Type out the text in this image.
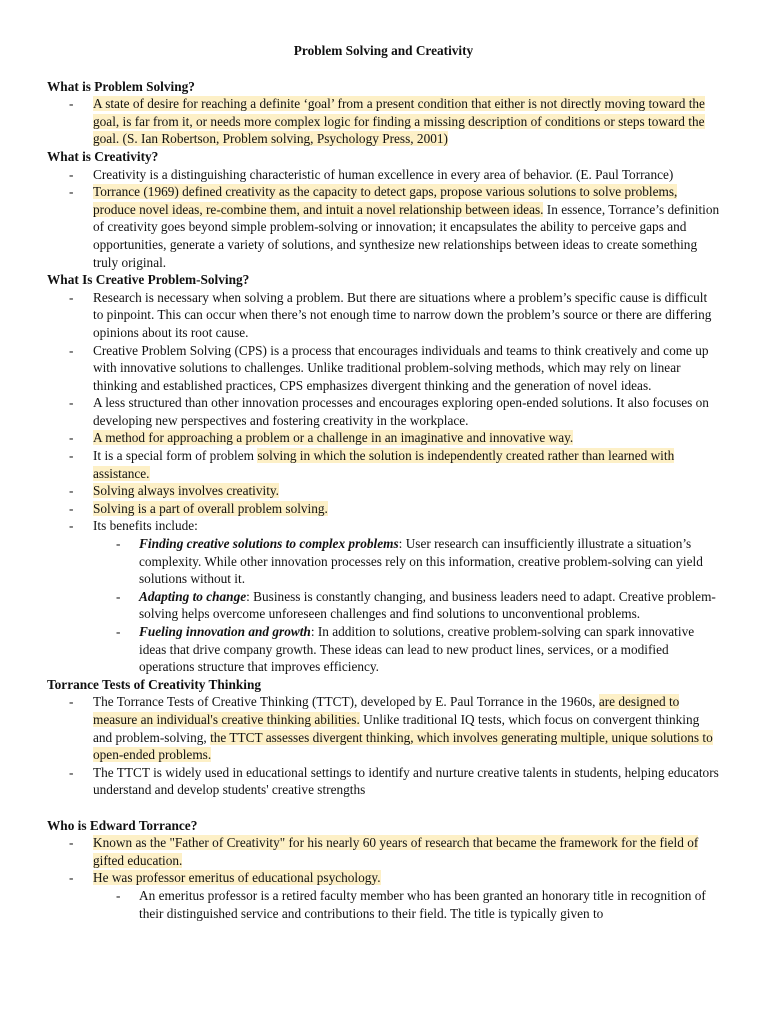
Problem Solving and Creativity
What is Problem Solving?
- A state of desire for reaching a definite ‘goal’ from a present condition that either is not directly moving toward the goal, is far from it, or needs more complex logic for finding a missing description of conditions or steps toward the goal. (S. Ian Robertson, Problem solving, Psychology Press, 2001)
What is Creativity?
- Creativity is a distinguishing characteristic of human excellence in every area of behavior. (E. Paul Torrance)
- Torrance (1969) defined creativity as the capacity to detect gaps, propose various solutions to solve problems, produce novel ideas, re-combine them, and intuit a novel relationship between ideas. In essence, Torrance’s definition of creativity goes beyond simple problem-solving or innovation; it encapsulates the ability to perceive gaps and opportunities, generate a variety of solutions, and synthesize new relationships between ideas to create something truly original.
What Is Creative Problem-Solving?
- Research is necessary when solving a problem. But there are situations where a problem’s specific cause is difficult to pinpoint. This can occur when there’s not enough time to narrow down the problem’s source or there are differing opinions about its root cause.
- Creative Problem Solving (CPS) is a process that encourages individuals and teams to think creatively and come up with innovative solutions to challenges. Unlike traditional problem-solving methods, which may rely on linear thinking and established practices, CPS emphasizes divergent thinking and the generation of novel ideas.
- A less structured than other innovation processes and encourages exploring open-ended solutions. It also focuses on developing new perspectives and fostering creativity in the workplace.
- A method for approaching a problem or a challenge in an imaginative and innovative way.
- It is a special form of problem solving in which the solution is independently created rather than learned with assistance.
- Solving always involves creativity.
- Solving is a part of overall problem solving.
- Its benefits include:
- Finding creative solutions to complex problems: User research can insufficiently illustrate a situation’s complexity. While other innovation processes rely on this information, creative problem-solving can yield solutions without it.
- Adapting to change: Business is constantly changing, and business leaders need to adapt. Creative problem-solving helps overcome unforeseen challenges and find solutions to unconventional problems.
- Fueling innovation and growth: In addition to solutions, creative problem-solving can spark innovative ideas that drive company growth. These ideas can lead to new product lines, services, or a modified operations structure that improves efficiency.
Torrance Tests of Creativity Thinking
- The Torrance Tests of Creative Thinking (TTCT), developed by E. Paul Torrance in the 1960s, are designed to measure an individual's creative thinking abilities. Unlike traditional IQ tests, which focus on convergent thinking and problem-solving, the TTCT assesses divergent thinking, which involves generating multiple, unique solutions to open-ended problems.
- The TTCT is widely used in educational settings to identify and nurture creative talents in students, helping educators understand and develop students' creative strengths
Who is Edward Torrance?
- Known as the "Father of Creativity" for his nearly 60 years of research that became the framework for the field of gifted education.
- He was professor emeritus of educational psychology.
- An emeritus professor is a retired faculty member who has been granted an honorary title in recognition of their distinguished service and contributions to their field. The title is typically given to
